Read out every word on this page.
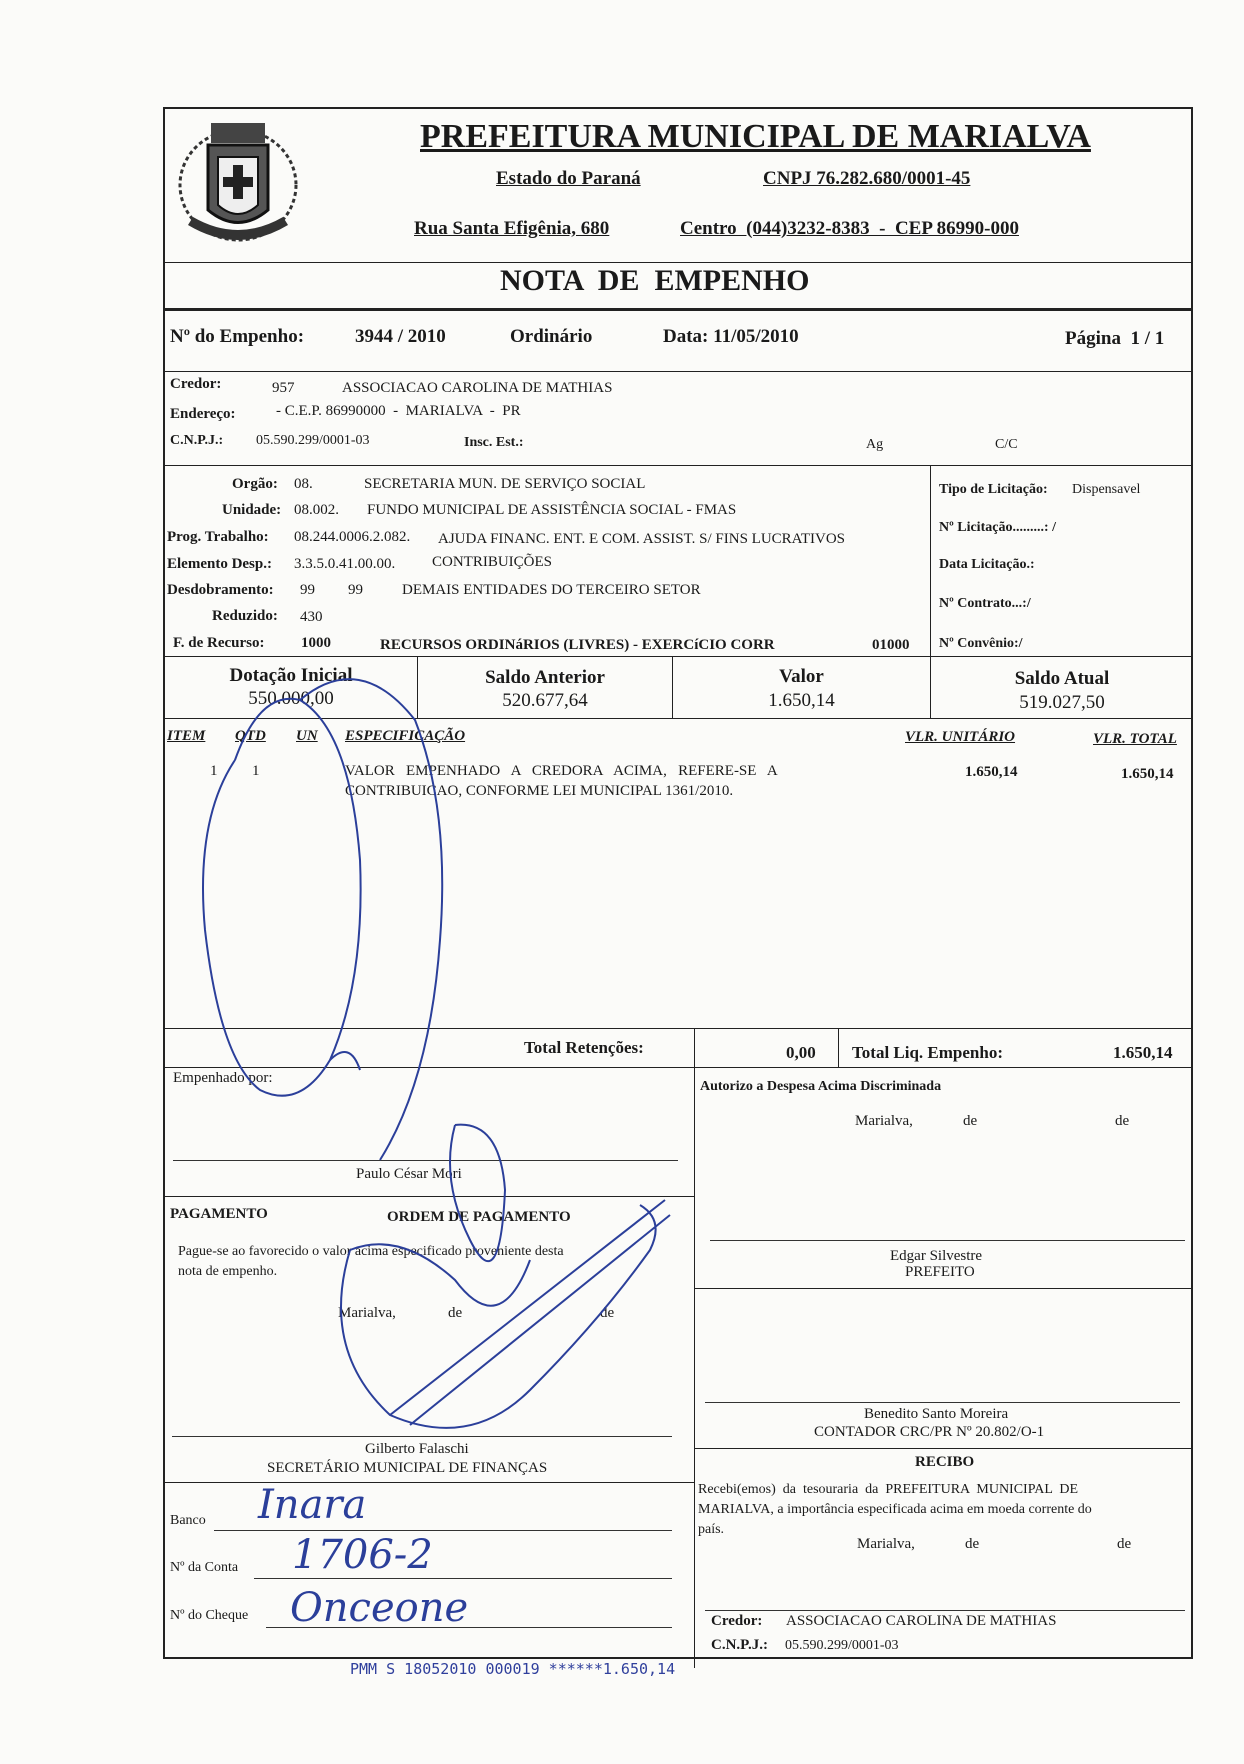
PREFEITURA MUNICIPAL DE MARIALVA
Estado do Paraná	CNPJ 76.282.680/0001-45
Rua Santa Efigênia, 680	Centro  (044)3232-8383  -  CEP 86990-000
NOTA  DE  EMPENHO
Nº do Empenho:	3944 / 2010	Ordinário	Data: 11/05/2010	Página  1 / 1
Credor:	957	ASSOCIACAO CAROLINA DE MATHIAS
Endereço:	- C.E.P. 86990000  -  MARIALVA  -  PR
C.N.P.J.: 05.590.299/0001-03	Insc. Est.:	Ag	C/C
Orgão: 08.	SECRETARIA MUN. DE SERVIÇO SOCIAL
Unidade: 08.002. FUNDO MUNICIPAL DE ASSISTÊNCIA SOCIAL - FMAS
Prog. Trabalho: 08.244.0006.2.082. AJUDA FINANC. ENT. E COM. ASSIST. S/ FINS LUCRATIVOS
Elemento Desp.: 3.3.5.0.41.00.00. CONTRIBUIÇÕES
Desdobramento: 99 99	DEMAIS ENTIDADES DO TERCEIRO SETOR
Reduzido: 430
F. de Recurso: 1000	RECURSOS ORDINáRIOS (LIVRES) - EXERCíCIO CORR	01000
Tipo de Licitação: Dispensavel
Nº Licitação.........: /
Data Licitação.:
Nº Contrato...:/
Nº Convênio:/
Dotação Inicial
550.000,00
Saldo Anterior
520.677,64
Valor
1.650,14
Saldo Atual
519.027,50
ITEM QTD UN ESPECIFICAÇÃO	VLR. UNITÁRIO	VLR. TOTAL
1 1	VALOR   EMPENHADO   A   CREDORA   ACIMA,   REFERE-SE   A
CONTRIBUICAO, CONFORME LEI MUNICIPAL 1361/2010.
1.650,14	1.650,14
Total Retenções:	0,00 Total Liq. Empenho:	1.650,14
Empenhado por:
Paulo César Mori
Autorizo a Despesa Acima Discriminada
Marialva,	de	de
Edgar Silvestre
PREFEITO
PAGAMENTO	ORDEM DE PAGAMENTO
Pague-se ao favorecido o valor acima especificado proveniente desta
nota de empenho.
Marialva,	de	de
Gilberto Falaschi
SECRETÁRIO MUNICIPAL DE FINANÇAS
Benedito Santo Moreira
CONTADOR CRC/PR Nº 20.802/O-1
RECIBO
Recebi(emos)  da  tesouraria  da  PREFEITURA  MUNICIPAL  DE
MARIALVA, a importância especificada acima em moeda corrente do
país.
Marialva,	de	de
Credor: ASSOCIACAO CAROLINA DE MATHIAS
C.N.P.J.: 05.590.299/0001-03
Banco
Nº da Conta
Nº do Cheque
Inara
1706-2
Onceone
PMM S 18052010 000019 ******1.650,14
